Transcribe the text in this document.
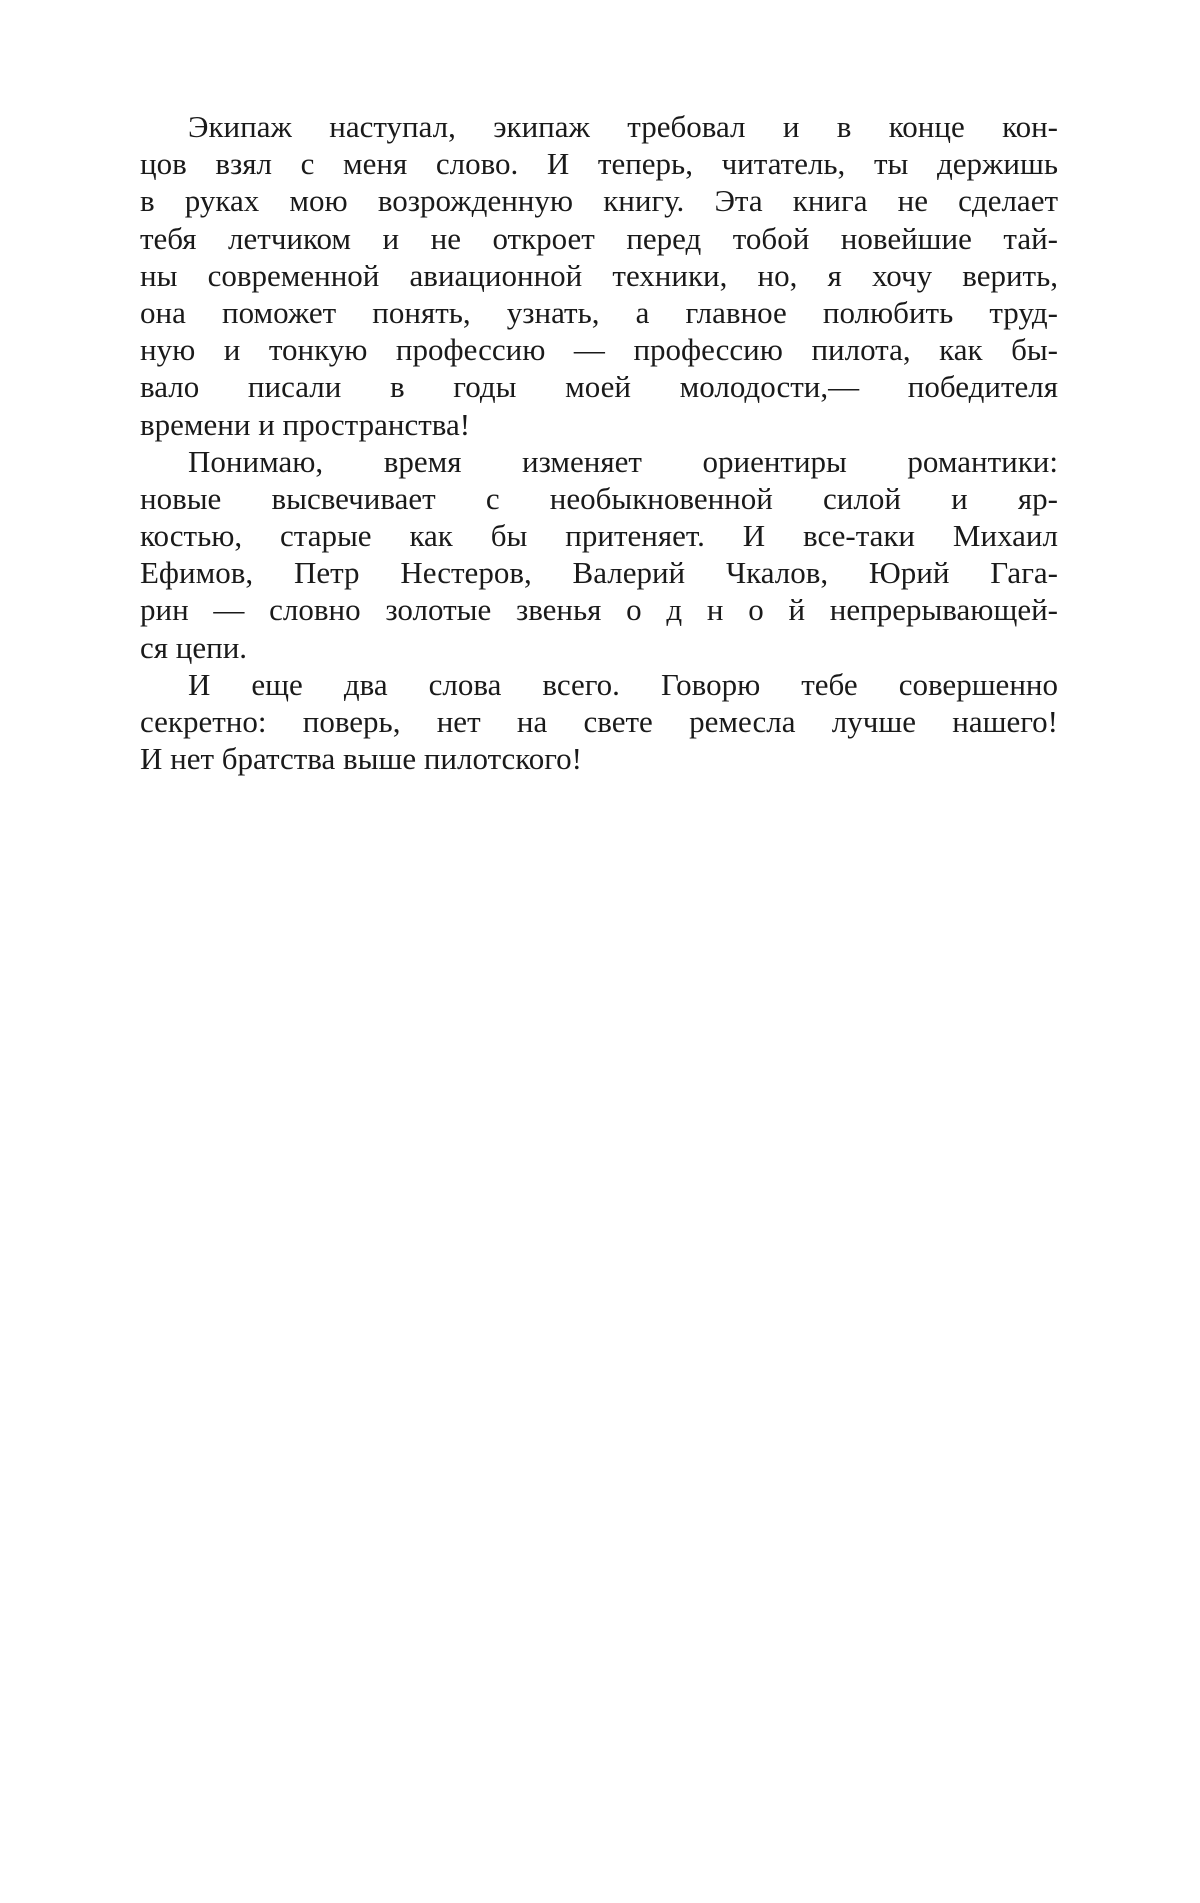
Экипаж наступал, экипаж требовал и в конце кон-
цов взял с меня слово. И теперь, читатель, ты держишь
в руках мою возрожденную книгу. Эта книга не сделает
тебя летчиком и не откроет перед тобой новейшие тай-
ны современной авиационной техники, но, я хочу верить,
она поможет понять, узнать, а главное полюбить труд-
ную и тонкую профессию — профессию пилота, как бы-
вало писали в годы моей молодости,— победителя
времени и пространства!
Понимаю, время изменяет ориентиры романтики:
новые высвечивает с необыкновенной силой и яр-
костью, старые как бы притеняет. И все-таки Михаил
Ефимов, Петр Нестеров, Валерий Чкалов, Юрий Гага-
рин — словно золотые звенья о д н о й непрерывающей-
ся цепи.
И еще два слова всего. Говорю тебе совершенно
секретно: поверь, нет на свете ремесла лучше нашего!
И нет братства выше пилотского!
